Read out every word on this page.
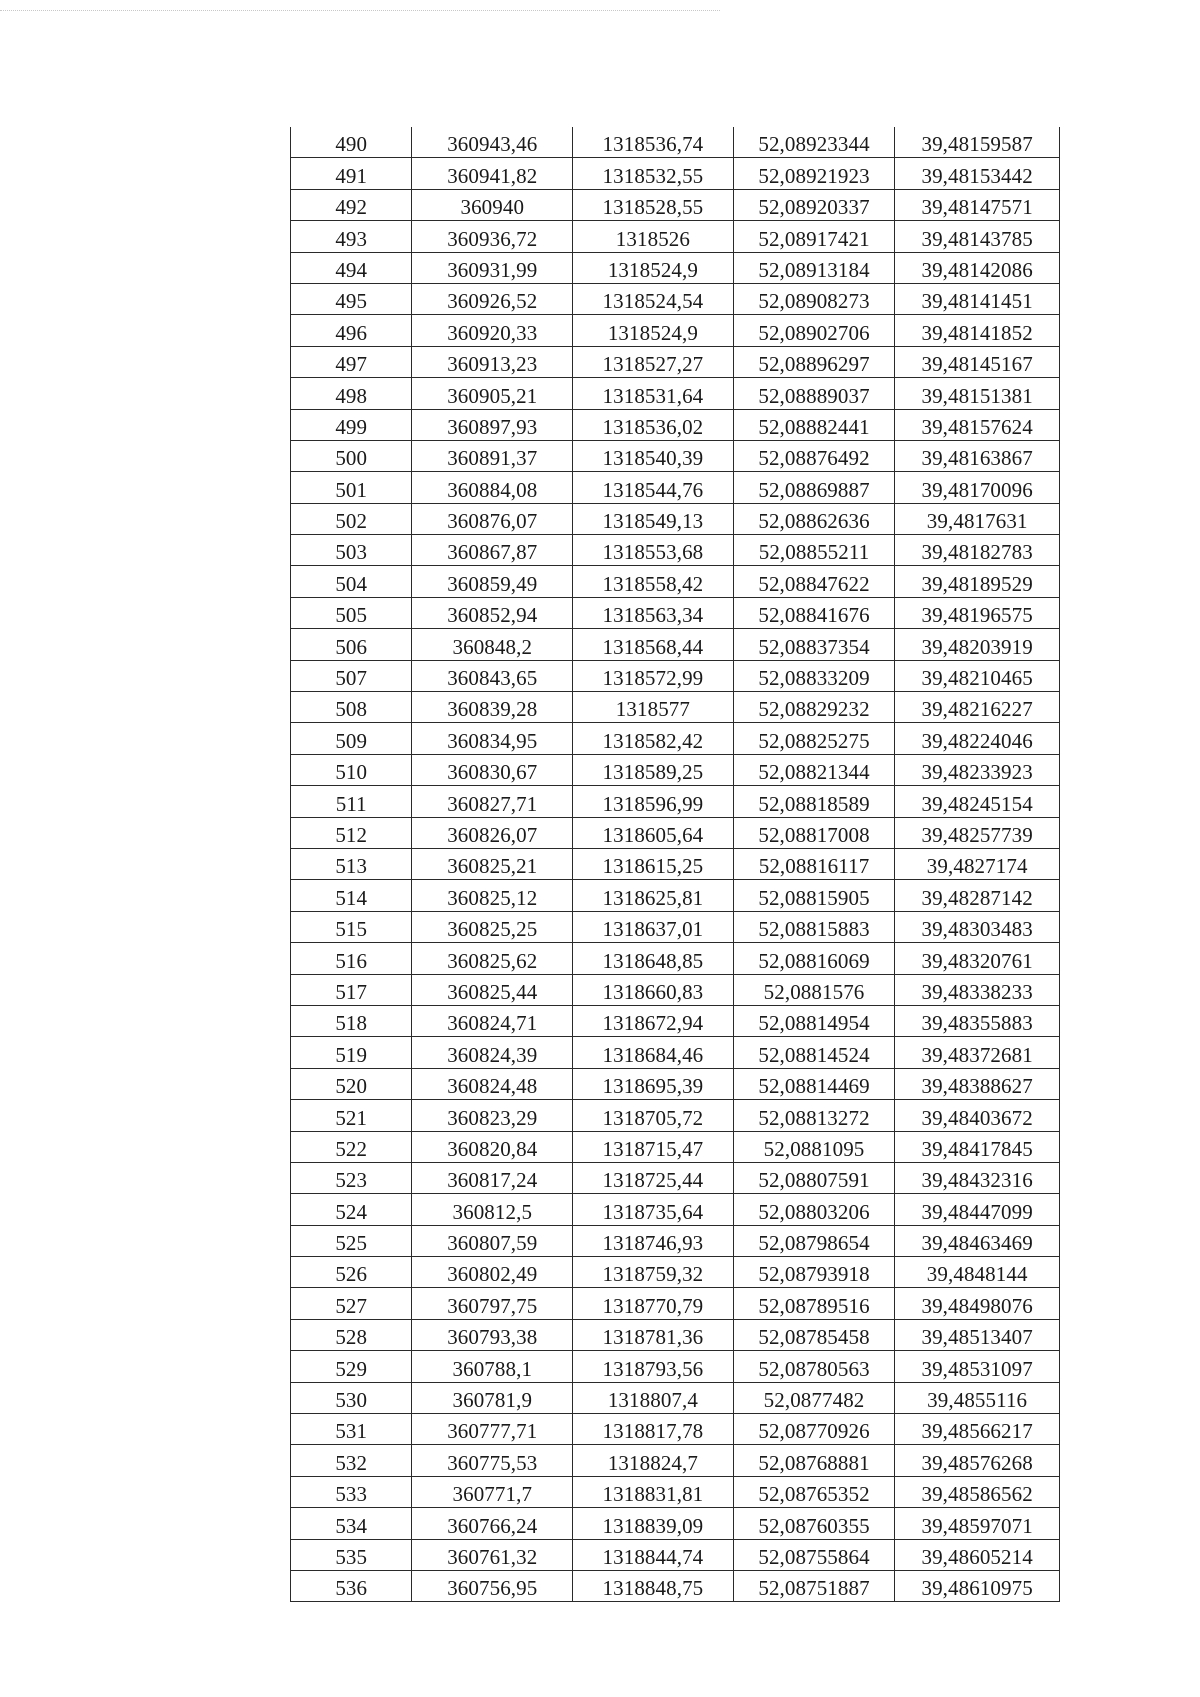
490	360943,46	1318536,74	52,08923344	39,48159587
491	360941,82	1318532,55	52,08921923	39,48153442
492	360940	1318528,55	52,08920337	39,48147571
493	360936,72	1318526	52,08917421	39,48143785
494	360931,99	1318524,9	52,08913184	39,48142086
495	360926,52	1318524,54	52,08908273	39,48141451
496	360920,33	1318524,9	52,08902706	39,48141852
497	360913,23	1318527,27	52,08896297	39,48145167
498	360905,21	1318531,64	52,08889037	39,48151381
499	360897,93	1318536,02	52,08882441	39,48157624
500	360891,37	1318540,39	52,08876492	39,48163867
501	360884,08	1318544,76	52,08869887	39,48170096
502	360876,07	1318549,13	52,08862636	39,4817631
503	360867,87	1318553,68	52,08855211	39,48182783
504	360859,49	1318558,42	52,08847622	39,48189529
505	360852,94	1318563,34	52,08841676	39,48196575
506	360848,2	1318568,44	52,08837354	39,48203919
507	360843,65	1318572,99	52,08833209	39,48210465
508	360839,28	1318577	52,08829232	39,48216227
509	360834,95	1318582,42	52,08825275	39,48224046
510	360830,67	1318589,25	52,08821344	39,48233923
511	360827,71	1318596,99	52,08818589	39,48245154
512	360826,07	1318605,64	52,08817008	39,48257739
513	360825,21	1318615,25	52,08816117	39,4827174
514	360825,12	1318625,81	52,08815905	39,48287142
515	360825,25	1318637,01	52,08815883	39,48303483
516	360825,62	1318648,85	52,08816069	39,48320761
517	360825,44	1318660,83	52,0881576	39,48338233
518	360824,71	1318672,94	52,08814954	39,48355883
519	360824,39	1318684,46	52,08814524	39,48372681
520	360824,48	1318695,39	52,08814469	39,48388627
521	360823,29	1318705,72	52,08813272	39,48403672
522	360820,84	1318715,47	52,0881095	39,48417845
523	360817,24	1318725,44	52,08807591	39,48432316
524	360812,5	1318735,64	52,08803206	39,48447099
525	360807,59	1318746,93	52,08798654	39,48463469
526	360802,49	1318759,32	52,08793918	39,4848144
527	360797,75	1318770,79	52,08789516	39,48498076
528	360793,38	1318781,36	52,08785458	39,48513407
529	360788,1	1318793,56	52,08780563	39,48531097
530	360781,9	1318807,4	52,0877482	39,4855116
531	360777,71	1318817,78	52,08770926	39,48566217
532	360775,53	1318824,7	52,08768881	39,48576268
533	360771,7	1318831,81	52,08765352	39,48586562
534	360766,24	1318839,09	52,08760355	39,48597071
535	360761,32	1318844,74	52,08755864	39,48605214
536	360756,95	1318848,75	52,08751887	39,48610975
